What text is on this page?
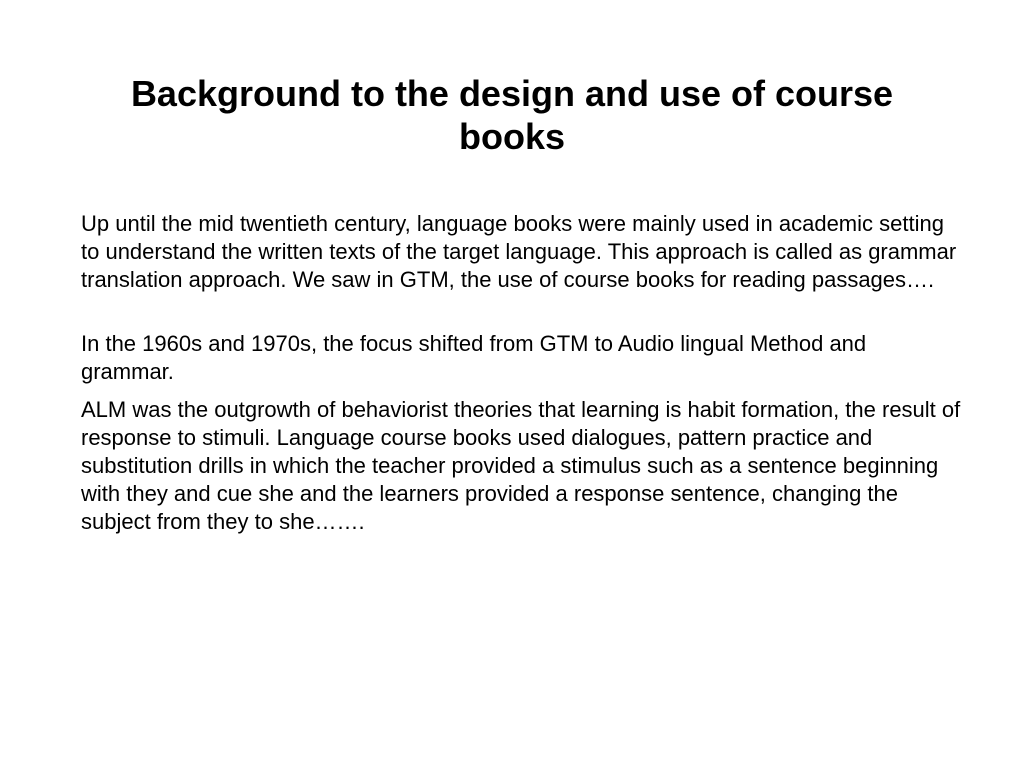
Background to the design and use of course books

Up until the mid twentieth century, language books were mainly used in academic setting to understand the written texts of the target language. This approach is called as grammar translation approach. We saw in GTM, the use of course books for reading passages….

In the 1960s and 1970s, the focus shifted from GTM to Audio lingual Method and grammar.

ALM was the outgrowth of behaviorist theories that learning is habit formation, the result of response to stimuli. Language course books used dialogues, pattern practice and substitution drills in which the teacher provided a stimulus such as a sentence beginning with they and cue she and the learners provided a response sentence, changing the subject from they to she…….
